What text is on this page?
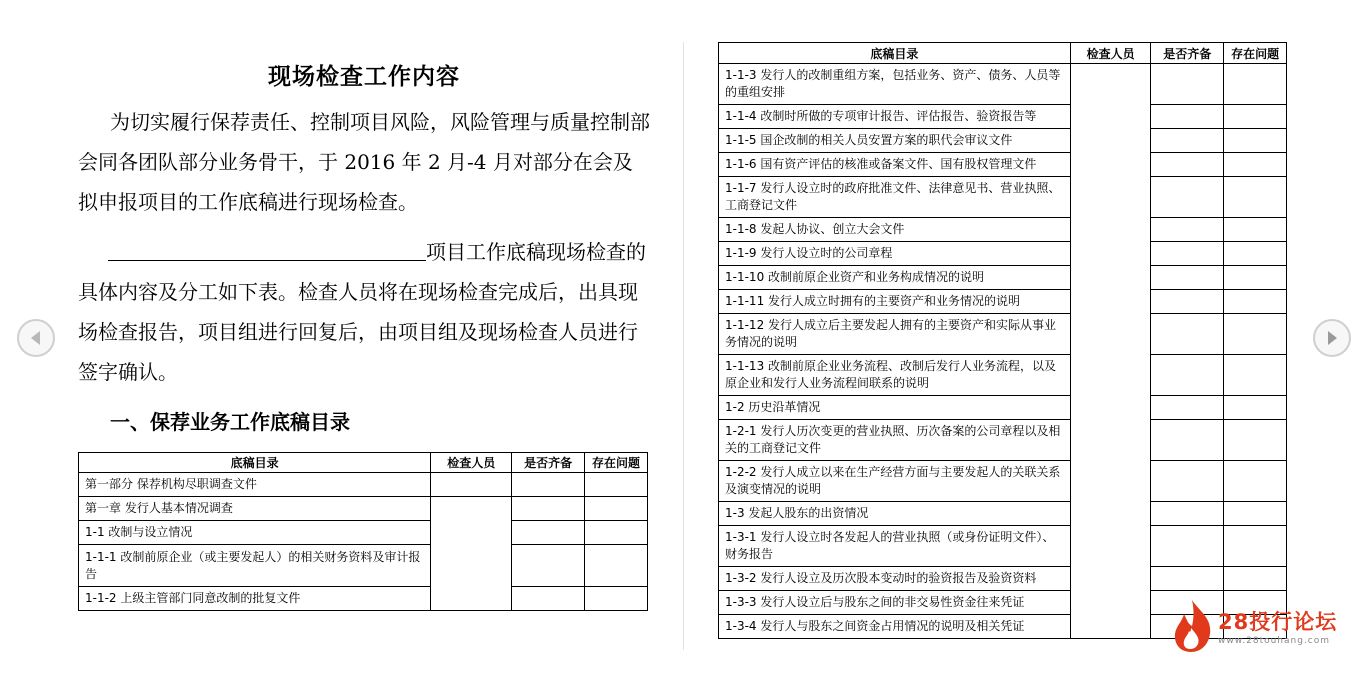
现场检查工作内容
为切实履行保荐责任、控制项目风险，风险管理与质量控制部会同各团队部分业务骨干，于 2016 年 2 月-4 月对部分在会及拟申报项目的工作底稿进行现场检查。
项目工作底稿现场检查的具体内容及分工如下表。检查人员将在现场检查完成后，出具现场检查报告，项目组进行回复后，由项目组及现场检查人员进行签字确认。
一、保荐业务工作底稿目录
底稿目录	检查人员	是否齐备	存在问题
第一部分 保荐机构尽职调查文件			
第一章 发行人基本情况调查			
1-1 改制与设立情况			
1-1-1 改制前原企业（或主要发起人）的相关财务资料及审计报告			
1-1-2 上级主管部门同意改制的批复文件			
底稿目录	检查人员	是否齐备	存在问题
1-1-3 发行人的改制重组方案，包括业务、资产、债务、人员等的重组安排			
1-1-4 改制时所做的专项审计报告、评估报告、验资报告等			
1-1-5 国企改制的相关人员安置方案的职代会审议文件			
1-1-6 国有资产评估的核准或备案文件、国有股权管理文件			
1-1-7 发行人设立时的政府批准文件、法律意见书、营业执照、工商登记文件			
1-1-8 发起人协议、创立大会文件			
1-1-9 发行人设立时的公司章程			
1-1-10 改制前原企业资产和业务构成情况的说明			
1-1-11 发行人成立时拥有的主要资产和业务情况的说明			
1-1-12 发行人成立后主要发起人拥有的主要资产和实际从事业务情况的说明			
1-1-13 改制前原企业业务流程、改制后发行人业务流程，以及原企业和发行人业务流程间联系的说明			
1-2 历史沿革情况			
1-2-1 发行人历次变更的营业执照、历次备案的公司章程以及相关的工商登记文件			
1-2-2 发行人成立以来在生产经营方面与主要发起人的关联关系及演变情况的说明			
1-3 发起人股东的出资情况			
1-3-1 发行人设立时各发起人的营业执照（或身份证明文件）、财务报告			
1-3-2 发行人设立及历次股本变动时的验资报告及验资资料			
1-3-3 发行人设立后与股东之间的非交易性资金往来凭证			
1-3-4 发行人与股东之间资金占用情况的说明及相关凭证				28投行论坛
www.28touhang.com
